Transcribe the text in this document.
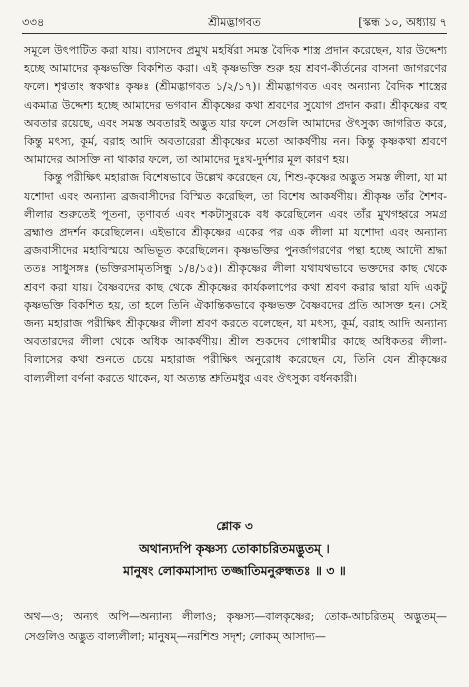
৩৩৪	শ্রীমদ্ভাগবত	[স্কন্ধ ১০, অধ্যায় ৭

সমূলে উৎপাটিত করা যায়। ব্যাসদেব প্রমুখ মহর্ষিরা সমস্ত বৈদিক শাস্ত্র প্রদান করেছেন, যার উদ্দেশ্য হচ্ছে আমাদের কৃষ্ণভক্তি বিকশিত করা। এই কৃষ্ণভক্তি শুরু হয় শ্রবণ-কীর্তনের বাসনা জাগরণের ফলে। শৃণ্বতাং স্বকথাঃ কৃষ্ণঃ (শ্রীমদ্ভাগবত ১/২/১৭)। শ্রীমদ্ভাগবত এবং অন্যান্য বৈদিক শাস্ত্রের একমাত্র উদ্দেশ্য হচ্ছে আমাদের ভগবান শ্রীকৃষ্ণের কথা শ্রবণের সুযোগ প্রদান করা। শ্রীকৃষ্ণের বহু অবতার রয়েছে, এবং সমস্ত অবতারই অদ্ভুত যার ফলে সেগুলি আমাদের ঔৎসুক্য জাগরিত করে, কিন্তু মৎস্য, কূর্ম, বরাহ আদি অবতারেরা শ্রীকৃষ্ণের মতো আকর্ষণীয় নন। কিন্তু কৃষ্ণকথা শ্রবণে আমাদের আসক্তি না থাকার ফলে, তা আমাদের দুঃখ-দুর্দশার মূল কারণ হয়।

কিন্তু পরীক্ষিৎ মহারাজ বিশেষভাবে উল্লেখ করেছেন যে, শিশু-কৃষ্ণের অদ্ভুত সমস্ত লীলা, যা মা যশোদা এবং অন্যান্য ব্রজবাসীদের বিস্মিত করেছিল, তা বিশেষ আকর্ষণীয়। শ্রীকৃষ্ণ তাঁর শৈশব-লীলার শুরুতেই পূতনা, তৃণাবর্ত এবং শকটাসুরকে বধ করেছিলেন এবং তাঁর মুখগহ্বরে সমগ্র ব্রহ্মাণ্ড প্রদর্শন করেছিলেন। এইভাবে শ্রীকৃষ্ণের একের পর এক লীলা মা যশোদা এবং অন্যান্য ব্রজবাসীদের মহাবিস্ময়ে অভিভূত করেছিলেন। কৃষ্ণভক্তির পুনর্জাগরণের পন্থা হচ্ছে আদৌ শ্রদ্ধা ততঃ সাধুসঙ্গঃ (ভক্তিরসামৃতসিন্ধু ১/৪/১৫)। শ্রীকৃষ্ণের লীলা যথাযথভাবে ভক্তদের কাছ থেকে শ্রবণ করা যায়। বৈষ্ণবদের কাছ থেকে শ্রীকৃষ্ণের কার্যকলাপের কথা শ্রবণ করার দ্বারা যদি একটু কৃষ্ণভক্তি বিকশিত হয়, তা হলে তিনি ঐকান্তিকভাবে কৃষ্ণভক্ত বৈষ্ণবদের প্রতি আসক্ত হন। সেই জন্য মহারাজ পরীক্ষিৎ শ্রীকৃষ্ণের লীলা শ্রবণ করতে বলেছেন, যা মৎস্য, কূর্ম, বরাহ আদি অন্যান্য অবতারদের লীলা থেকে অধিক আকর্ষণীয়। শ্রীল শুকদেব গোস্বামীর কাছে অধিকতর লীলা-বিলাসের কথা শুনতে চেয়ে মহারাজ পরীক্ষিৎ অনুরোধ করেছেন যে, তিনি যেন শ্রীকৃষ্ণের বাল্যলীলা বর্ণনা করতে থাকেন, যা অত্যন্ত শ্রুতিমধুর এবং ঔৎসুক্য বর্ধনকারী।

শ্লোক ৩
অথান্যদপি কৃষ্ণস্য তোকাচরিতমদ্ভুতম্ ।
মানুষং লোকমাসাদ্য তজ্জাতিমনুরুন্ধতঃ ॥ ৩ ॥
অথ—ও; অন্যৎ অপি—অন্যান্য লীলাও; কৃষ্ণস্য—বালকৃষ্ণের; তোক-আচরিতম্ অদ্ভুতম্—সেগুলিও অদ্ভুত বাল্যলীলা; মানুষম্—নরশিশু সদৃশ; লোকম্ আসাদ্য—
